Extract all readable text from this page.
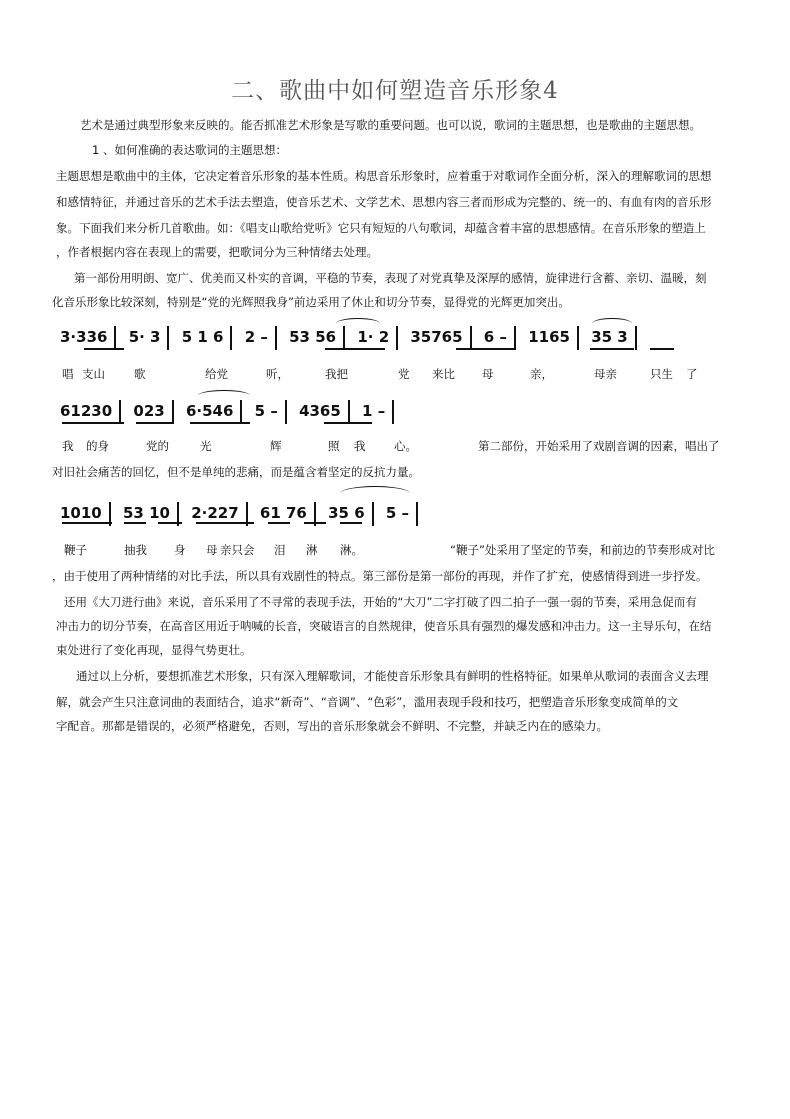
二、歌曲中如何塑造音乐形象4
艺术是通过典型形象来反映的。能否抓准艺术形象是写歌的重要问题。也可以说，歌词的主题思想，也是歌曲的主题思想。
1 、如何准确的表达歌词的主题思想：
主题思想是歌曲中的主体，它决定着音乐形象的基本性质。构思音乐形象时，应着重于对歌词作全面分析，深入的理解歌词的思想
和感情特征，并通过音乐的艺术手法去塑造，使音乐艺术、文学艺术、思想内容三者而形成为完整的、统一的、有血有肉的音乐形
象。下面我们来分析几首歌曲。如：《唱支山歌给党听》它只有短短的八句歌词，却蕴含着丰富的思想感情。在音乐形象的塑造上
，作者根据内容在表现上的需要，把歌词分为三种情绪去处理。
第一部份用明朗、宽广、优美而又朴实的音调，平稳的节奏，表现了对党真挚及深厚的感情，旋律进行含蓄、亲切、温暖，刻
化音乐形象比较深刻，特别是“党的光辉照我身”前边采用了休止和切分节奏，显得党的光辉更加突出。
3·336 5· 3 5 1 6 2 – 53 56 1· 2 35765 6 – 1165 35 3
唱 支山	歌	给党	听，	我把	党 来比 母	亲，	母亲	只生 了
61230 023 6·546 5 – 4365 1 –
我 的身	党的	光	辉	照 我 心。	第二部份，开始采用了戏剧音调的因素，唱出了
对旧社会痛苦的回忆，但不是单纯的悲痛，而是蕴含着坚定的反抗力量。
1010 53 10 2·227 61 76 35 6 5 –
鞭子	抽我 身 母 亲只会 泪 淋 淋。	“鞭子”处采用了坚定的节奏，和前边的节奏形成对比
，由于使用了两种情绪的对比手法，所以具有戏剧性的特点。第三部份是第一部份的再现，并作了扩充，使感情得到进一步抒发。
还用《大刀进行曲》来说，音乐采用了不寻常的表现手法，开始的“大刀”二字打破了四二拍子一强一弱的节奏，采用急促而有
冲击力的切分节奏，在高音区用近于呐喊的长音，突破语言的自然规律，使音乐具有强烈的爆发感和冲击力。这一主导乐句，在结
束处进行了变化再现，显得气势更壮。
通过以上分析，要想抓准艺术形象，只有深入理解歌词，才能使音乐形象具有鲜明的性格特征。如果单从歌词的表面含义去理
解，就会产生只注意词曲的表面结合，追求“新奇”、“音调”、“色彩”，滥用表现手段和技巧，把塑造音乐形象变成简单的文
字配音。那都是错误的，必须严格避免，否则，写出的音乐形象就会不鲜明、不完整，并缺乏内在的感染力。
